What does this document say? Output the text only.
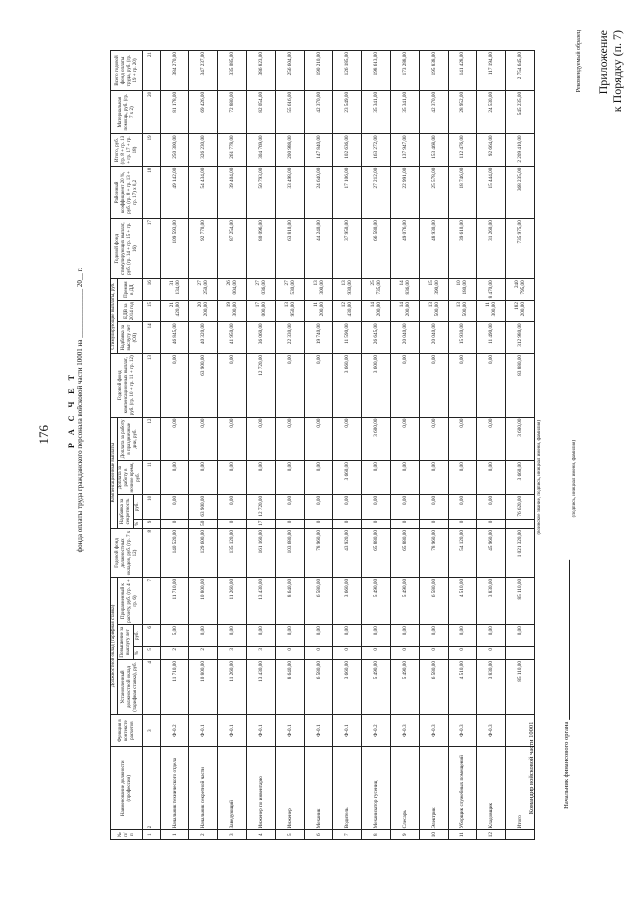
176
Приложение к Порядку (п. 7)
Рекомендуемый образец
Р А С Ч Е Т фонда оплаты труда гражданского персонала войсковой части 10001 на ______________ 20__ г.
№ п/п	Наименование должности (профессии)	Функция в контексте расчетов	Должностной оклад (тарифная ставка)				Годовой фонд должностных окладов, руб. (гр. 7 x 12)	Компенсационные выплаты				Годовой фонд компенсационных выплат, руб. (гр. 10 + гр. 11 + гр. 12)	Стимулирующие выплаты, руб.			Годовой фонд стимулирующих выплат, руб. (гр. 14 + гр. 15 + гр. 16)	Районный коэффициент 20 %, руб. (гр. 8 + гр. 13 + гр. 17) x 0,2	Итого, руб. (гр. 8 + гр. 13 + гр. 17 + гр. 18)	Материальная помощь, руб. (гр. 7 x 2)	Всего годовой фонд оплаты труда, руб. (гр. 19 + гр. 20)
			Установленный должностной оклад (тарифная ставка), руб.	Повышение за выслугу лет		Приравненный к расчету, руб. (гр. 4 + гр. 6)		Надбавка за секретность		Доплата за работу в ночное время, руб.	Доплата за работу в праздничные дни, руб.		Надбавка за выслугу лет (ОЗ)	ЕДВ за 2014 год	Премия в ДД					
				%	руб.			%	руб.											
1	2	3	4	5	6	7	8	9	10	11	12	13	14	15	16	17	18	19	20	21
1	Начальник технического отдела	Ф-0.2	11 710,00	2	5,00	11 710,00	140 520,00	0	0,00	0,00	0,00	0,00	46 845,00	21 420,00	31 134,00	109 593,00	49 142,00	250 300,00	81 178,00	384 270,00
2	Начальник секретной части	Ф-0.1	10 800,00	2	0,00	10 800,00	129 600,00	50	63 900,00	0,00	0,00	63 900,00	40 320,00	20 200,00	27 250,00	92 770,00	54 434,00	326 230,00	69 426,00	347 237,00
3	Заведующий	Ф-0.1	11 260,00	3	0,00	11 260,00	135 120,00	0	0,00	0,00	0,00	0,00	41 950,00	19 300,00	26 004,00	87 254,00	39 404,00	261 778,00	72 880,00	335 085,00
4	Инженер по инвентарю	Ф-0.1	13 430,00	3	0,00	13 430,00	161 160,00	17	12 720,00	0,00	0,00	12 720,00	36 060,00	17 000,00	27 036,00	80 096,00	50 793,00	304 769,00	82 054,00	386 823,00
5	Инженер	Ф-0.1	8 640,00	0	0,00	8 640,00	103 680,00	0	0,00	0,00	0,00	0,00	22 330,00	13 950,00	27 530,00	63 810,00	33 498,00	200 988,00	55 616,00	256 604,00
6	Механик	Ф-0.1	6 580,00	0	0,00	6 580,00	78 960,00	0	0,00	0,00	0,00	0,00	19 740,00	11 200,00	13 300,00	44 240,00	24 640,00	147 840,00	42 370,00	190 210,00
7	Водитель	Ф-0.1	3 660,00	0	0,00	3 660,00	43 920,00	0	0,00	3 660,00	0,00	3 660,00	11 590,00	12 430,00	13 930,00	37 950,00	17 106,00	102 636,00	23 549,00	126 185,00
8	Механизатор гусениц	Ф-0.2	5 490,00	0	0,00	5 490,00	65 880,00	0	0,00	0,00	3 600,00	3 600,00	26 645,00	14 200,00	25 735,00	66 580,00	27 212,00	163 272,00	35 341,00	198 613,00
9	Слесарь	Ф-0.3	5 490,00	0	0,00	5 490,00	65 880,00	0	0,00	0,00	0,00	0,00	20 040,00	14 200,00	14 836,00	49 076,00	22 991,00	137 947,00	35 341,00	173 288,00
10	Электрик	Ф-0.3	6 580,00	0	0,00	6 580,00	78 960,00	0	0,00	0,00	0,00	0,00	20 040,00	13 500,00	15 390,00	48 930,00	25 578,00	153 468,00	42 370,00	195 838,00
11	Уборщик служебных помещений	Ф-0.3	4 510,00	0	0,00	4 510,00	54 120,00	0	0,00	0,00	0,00	0,00	15 930,00	13 500,00	10 180,00	39 610,00	18 746,00	112 476,00	28 952,00	141 428,00
12	Кладовщик	Ф-0.3	3 830,00	0	0,00	3 830,00	45 960,00	0	0,00	0,00	0,00	0,00	11 490,00	11 300,00	8 470,00	31 260,00	15 444,00	92 664,00	24 530,00	117 194,00
	Итого		85 110,00		0,00	85 110,00	1 021 320,00		76 620,00	3 660,00	3 600,00	83 880,00	312 980,00	182 200,00	240 795,00	735 975,00	368 235,00	2 209 410,00	545 235,00	2 754 645,00
Командир войсковой части 10001
(воинское звание, подпись, инициал имени, фамилия)
Начальник финансового органа
(подпись, инициал имени, фамилия)
